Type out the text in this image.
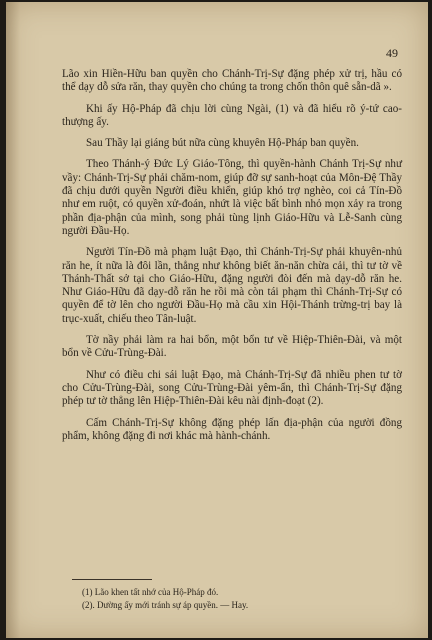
49

Lão xin Hiền-Hữu ban quyền cho Chánh-Trị-Sự đặng phép xử trị, hầu có thể dạy dỗ sửa răn, thay quyền cho chúng ta trong chốn thôn quê sẵn-dã ».

Khi ấy Hộ-Pháp đã chịu lời cùng Ngài, (1) và đã hiểu rõ ý-tứ cao-thượng ấy.

Sau Thầy lại giáng bút nữa cùng khuyên Hộ-Pháp ban quyền.

Theo Thánh-ý Đức Lý Giáo-Tông, thì quyền-hành Chánh Trị-Sự như vầy: Chánh-Trị-Sự phải chăm-nom, giúp đỡ sự sanh-hoạt của Môn-Đệ Thầy đã chịu dưới quyền Người điều khiển, giúp khó trợ nghèo, coi cả Tín-Đồ như em ruột, có quyền xử-đoán, nhứt là việc bất bình nhỏ mọn xảy ra trong phần địa-phận của mình, song phải tùng lịnh Giáo-Hữu và Lễ-Sanh cùng người Đầu-Họ.

Người Tín-Đồ mà phạm luật Đạo, thì Chánh-Trị-Sự phải khuyên-nhủ răn he, ít nữa là đôi lần, thẳng như không biết ăn-năn chừa cải, thì tư tờ về Thánh-Thất sở tại cho Giáo-Hữu, đặng người đòi đến mà dạy-dỗ răn he. Như Giáo-Hữu đã dạy-dỗ răn he rồi mà còn tái phạm thì Chánh-Trị-Sự có quyền để tờ lên cho người Đầu-Họ mà cầu xin Hội-Thánh trừng-trị bay là trục-xuất, chiếu theo Tân-luật.

Tờ nầy phải làm ra hai bổn, một bổn tư về Hiệp-Thiên-Đài, và một bổn về Cửu-Trùng-Đài.

Như có điều chi sái luật Đạo, mà Chánh-Trị-Sự đã nhiều phen tư tờ cho Cửu-Trùng-Đài, song Cửu-Trùng-Đài yêm-ẩn, thì Chánh-Trị-Sự đặng phép tư tờ thẳng lên Hiệp-Thiên-Đài kêu nài định-đoạt (2).

Cấm Chánh-Trị-Sự không đặng phép lấn địa-phận của người đồng phẩm, không đặng đi nơi khác mà hành-chánh.

(1) Lão khen tất nhớ của Hộ-Pháp đó.
(2). Dường ấy mới tránh sự áp quyền. — Hay.
